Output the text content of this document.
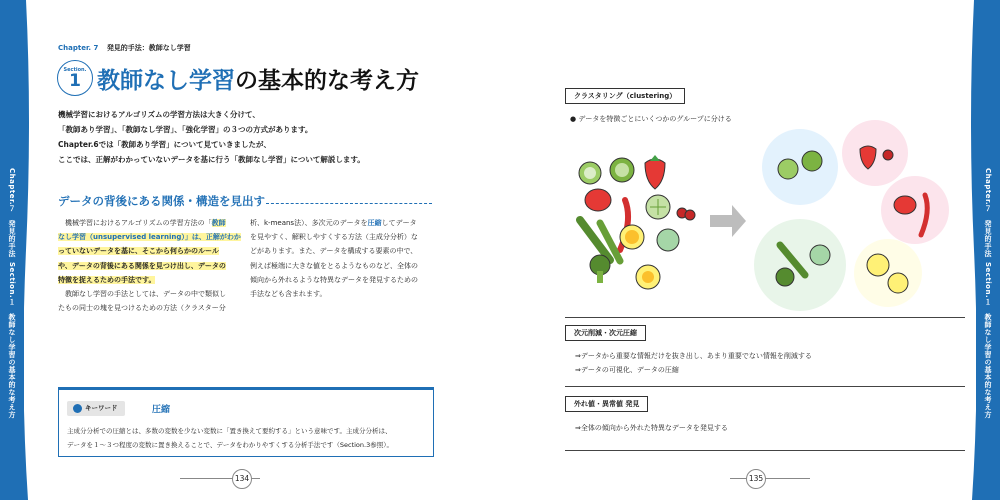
Chapter.７　発見的手法
Section.１　教師なし学習の基本的な考え方
Chapter.７　発見的手法
Section.１　教師なし学習の基本的な考え方
Chapter. 7 発見的手法：教師なし学習
Section.
1 教師なし学習の基本的な考え方

機械学習におけるアルゴリズムの学習方法は大きく分けて、

「教師あり学習」、「教師なし学習」、「強化学習」の３つの方式があります。

Chapter.6では「教師あり学習」について見ていきましたが、

ここでは、正解がわかっていないデータを基に行う「教師なし学習」について解説します。

データの背後にある関係・構造を見出す

　機械学習におけるアルゴリズムの学習方法の「教師

なし学習（unsupervised learning）」は、正解がわか

っていないデータを基に、そこから何らかのルール

や、データの背後にある関係を見つけ出し、データの

特徴を捉えるための手法です。

　教師なし学習の手法としては、データの中で類似し

たもの同士の塊を見つけるための方法（クラスター分

析、k-means法）、多次元のデータを圧縮してデータ

を見やすく、解釈しやすくする方法（主成分分析）な

どがあります。また、データを構成する要素の中で、

例えば極端に大きな値をとるようなものなど、全体の

傾向から外れるような特異なデータを発見するための

手法なども含まれます。

キーワード	圧縮

主成分分析での圧縮とは、多数の変数を少ない変数に「置き換えて要約する」という意味です。主成分分析は、

データを１～３つ程度の変数に置き換えることで、データをわかりやすくする分析手法です（Section.3参照）。

134
クラスタリング（clustering）
● データを特徴ごとにいくつかのグループに分ける
次元削減・次元圧縮
⇒データから重要な情報だけを抜き出し、あまり重要でない情報を削減する
⇒データの可視化、データの圧縮
外れ値・異常値 発見
⇒全体の傾向から外れた特異なデータを発見する
135
